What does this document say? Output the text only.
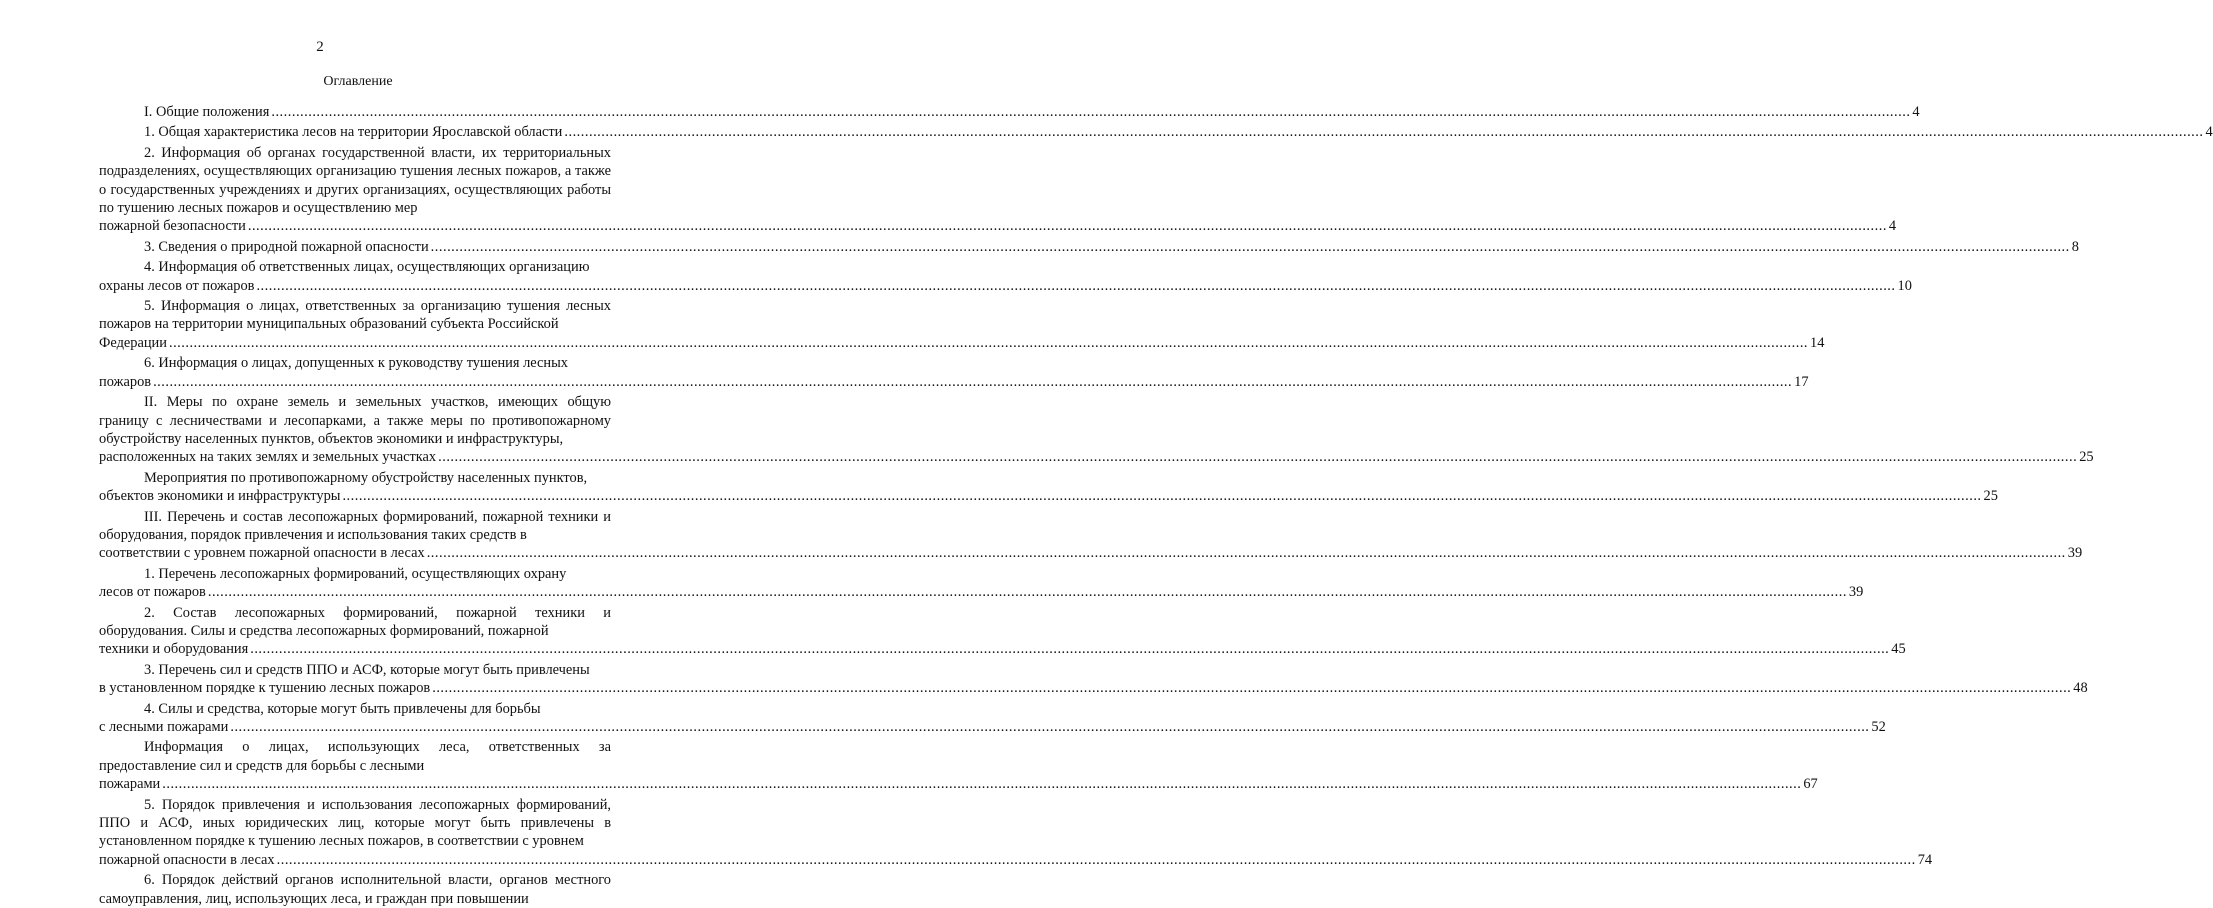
2
Оглавление
I. Общие положения ................................................................................................................................................................................................................................................................................................................................................................................................................ 4
1. Общая характеристика лесов на территории Ярославской области ................................................................................................................................................................................................................................................................................................................................................................................................................ 4
2. Информация об органах государственной власти, их территориальных подразделениях, осуществляющих организацию тушения лесных пожаров, а также о государственных учреждениях и других организациях, осуществляющих работы по тушению лесных пожаров и осуществлению мер
пожарной безопасности ................................................................................................................................................................................................................................................................................................................................................................................................................ 4
3. Сведения о природной пожарной опасности ................................................................................................................................................................................................................................................................................................................................................................................................................ 8
4. Информация об ответственных лицах, осуществляющих организацию
охраны лесов от пожаров ................................................................................................................................................................................................................................................................................................................................................................................................................ 10
5. Информация о лицах, ответственных за организацию тушения лесных пожаров на территории муниципальных образований субъекта Российской
Федерации ................................................................................................................................................................................................................................................................................................................................................................................................................ 14
6. Информация о лицах, допущенных к руководству тушения лесных
пожаров ................................................................................................................................................................................................................................................................................................................................................................................................................ 17
II. Меры по охране земель и земельных участков, имеющих общую границу с лесничествами и лесопарками, а также меры по противопожарному обустройству населенных пунктов, объектов экономики и инфраструктуры,
расположенных на таких землях и земельных участках ................................................................................................................................................................................................................................................................................................................................................................................................................ 25
Мероприятия по противопожарному обустройству населенных пунктов,
объектов экономики и инфраструктуры ................................................................................................................................................................................................................................................................................................................................................................................................................ 25
III. Перечень и состав лесопожарных формирований, пожарной техники и оборудования, порядок привлечения и использования таких средств в
соответствии с уровнем пожарной опасности в лесах ................................................................................................................................................................................................................................................................................................................................................................................................................ 39
1. Перечень лесопожарных формирований, осуществляющих охрану
лесов от пожаров ................................................................................................................................................................................................................................................................................................................................................................................................................ 39
2. Состав лесопожарных формирований, пожарной техники и оборудования. Силы и средства лесопожарных формирований, пожарной
техники и оборудования ................................................................................................................................................................................................................................................................................................................................................................................................................ 45
3. Перечень сил и средств ППО и АСФ, которые могут быть привлечены
в установленном порядке к тушению лесных пожаров ................................................................................................................................................................................................................................................................................................................................................................................................................ 48
4. Силы и средства, которые могут быть привлечены для борьбы
с лесными пожарами ................................................................................................................................................................................................................................................................................................................................................................................................................ 52
Информация о лицах, использующих леса, ответственных за предоставление сил и средств для борьбы с лесными
пожарами ................................................................................................................................................................................................................................................................................................................................................................................................................ 67
5. Порядок привлечения и использования лесопожарных формирований, ППО и АСФ, иных юридических лиц, которые могут быть привлечены в установленном порядке к тушению лесных пожаров, в соответствии с уровнем
пожарной опасности в лесах ................................................................................................................................................................................................................................................................................................................................................................................................................ 74
6. Порядок действий органов исполнительной власти, органов местного самоуправления, лиц, использующих леса, и граждан при повышении
